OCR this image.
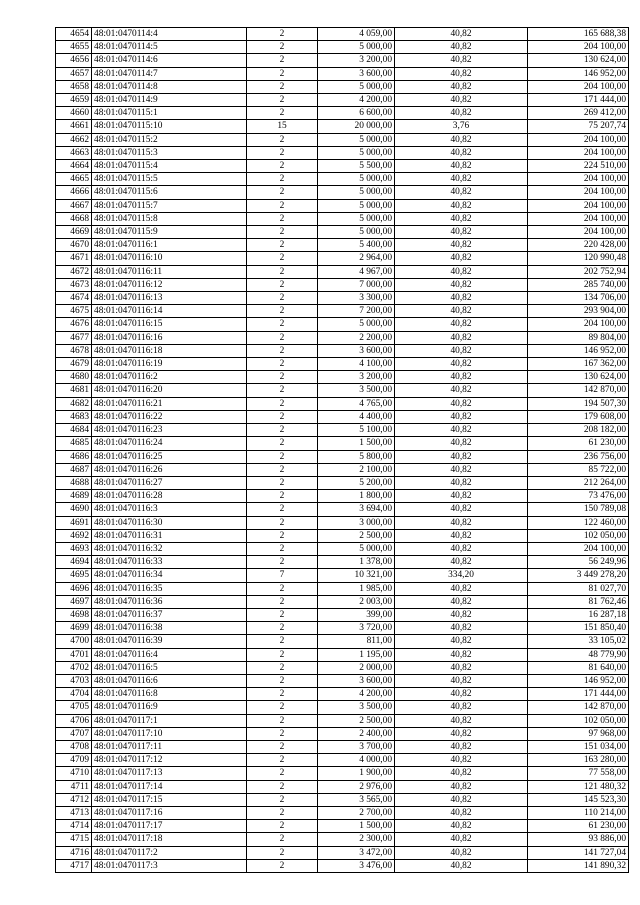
4654	48:01:0470114:4	2	4 059,00	40,82	165 688,38
4655	48:01:0470114:5	2	5 000,00	40,82	204 100,00
4656	48:01:0470114:6	2	3 200,00	40,82	130 624,00
4657	48:01:0470114:7	2	3 600,00	40,82	146 952,00
4658	48:01:0470114:8	2	5 000,00	40,82	204 100,00
4659	48:01:0470114:9	2	4 200,00	40,82	171 444,00
4660	48:01:0470115:1	2	6 600,00	40,82	269 412,00
4661	48:01:0470115:10	15	20 000,00	3,76	75 207,74
4662	48:01:0470115:2	2	5 000,00	40,82	204 100,00
4663	48:01:0470115:3	2	5 000,00	40,82	204 100,00
4664	48:01:0470115:4	2	5 500,00	40,82	224 510,00
4665	48:01:0470115:5	2	5 000,00	40,82	204 100,00
4666	48:01:0470115:6	2	5 000,00	40,82	204 100,00
4667	48:01:0470115:7	2	5 000,00	40,82	204 100,00
4668	48:01:0470115:8	2	5 000,00	40,82	204 100,00
4669	48:01:0470115:9	2	5 000,00	40,82	204 100,00
4670	48:01:0470116:1	2	5 400,00	40,82	220 428,00
4671	48:01:0470116:10	2	2 964,00	40,82	120 990,48
4672	48:01:0470116:11	2	4 967,00	40,82	202 752,94
4673	48:01:0470116:12	2	7 000,00	40,82	285 740,00
4674	48:01:0470116:13	2	3 300,00	40,82	134 706,00
4675	48:01:0470116:14	2	7 200,00	40,82	293 904,00
4676	48:01:0470116:15	2	5 000,00	40,82	204 100,00
4677	48:01:0470116:16	2	2 200,00	40,82	89 804,00
4678	48:01:0470116:18	2	3 600,00	40,82	146 952,00
4679	48:01:0470116:19	2	4 100,00	40,82	167 362,00
4680	48:01:0470116:2	2	3 200,00	40,82	130 624,00
4681	48:01:0470116:20	2	3 500,00	40,82	142 870,00
4682	48:01:0470116:21	2	4 765,00	40,82	194 507,30
4683	48:01:0470116:22	2	4 400,00	40,82	179 608,00
4684	48:01:0470116:23	2	5 100,00	40,82	208 182,00
4685	48:01:0470116:24	2	1 500,00	40,82	61 230,00
4686	48:01:0470116:25	2	5 800,00	40,82	236 756,00
4687	48:01:0470116:26	2	2 100,00	40,82	85 722,00
4688	48:01:0470116:27	2	5 200,00	40,82	212 264,00
4689	48:01:0470116:28	2	1 800,00	40,82	73 476,00
4690	48:01:0470116:3	2	3 694,00	40,82	150 789,08
4691	48:01:0470116:30	2	3 000,00	40,82	122 460,00
4692	48:01:0470116:31	2	2 500,00	40,82	102 050,00
4693	48:01:0470116:32	2	5 000,00	40,82	204 100,00
4694	48:01:0470116:33	2	1 378,00	40,82	56 249,96
4695	48:01:0470116:34	7	10 321,00	334,20	3 449 278,20
4696	48:01:0470116:35	2	1 985,00	40,82	81 027,70
4697	48:01:0470116:36	2	2 003,00	40,82	81 762,46
4698	48:01:0470116:37	2	399,00	40,82	16 287,18
4699	48:01:0470116:38	2	3 720,00	40,82	151 850,40
4700	48:01:0470116:39	2	811,00	40,82	33 105,02
4701	48:01:0470116:4	2	1 195,00	40,82	48 779,90
4702	48:01:0470116:5	2	2 000,00	40,82	81 640,00
4703	48:01:0470116:6	2	3 600,00	40,82	146 952,00
4704	48:01:0470116:8	2	4 200,00	40,82	171 444,00
4705	48:01:0470116:9	2	3 500,00	40,82	142 870,00
4706	48:01:0470117:1	2	2 500,00	40,82	102 050,00
4707	48:01:0470117:10	2	2 400,00	40,82	97 968,00
4708	48:01:0470117:11	2	3 700,00	40,82	151 034,00
4709	48:01:0470117:12	2	4 000,00	40,82	163 280,00
4710	48:01:0470117:13	2	1 900,00	40,82	77 558,00
4711	48:01:0470117:14	2	2 976,00	40,82	121 480,32
4712	48:01:0470117:15	2	3 565,00	40,82	145 523,30
4713	48:01:0470117:16	2	2 700,00	40,82	110 214,00
4714	48:01:0470117:17	2	1 500,00	40,82	61 230,00
4715	48:01:0470117:18	2	2 300,00	40,82	93 886,00
4716	48:01:0470117:2	2	3 472,00	40,82	141 727,04
4717	48:01:0470117:3	2	3 476,00	40,82	141 890,32
